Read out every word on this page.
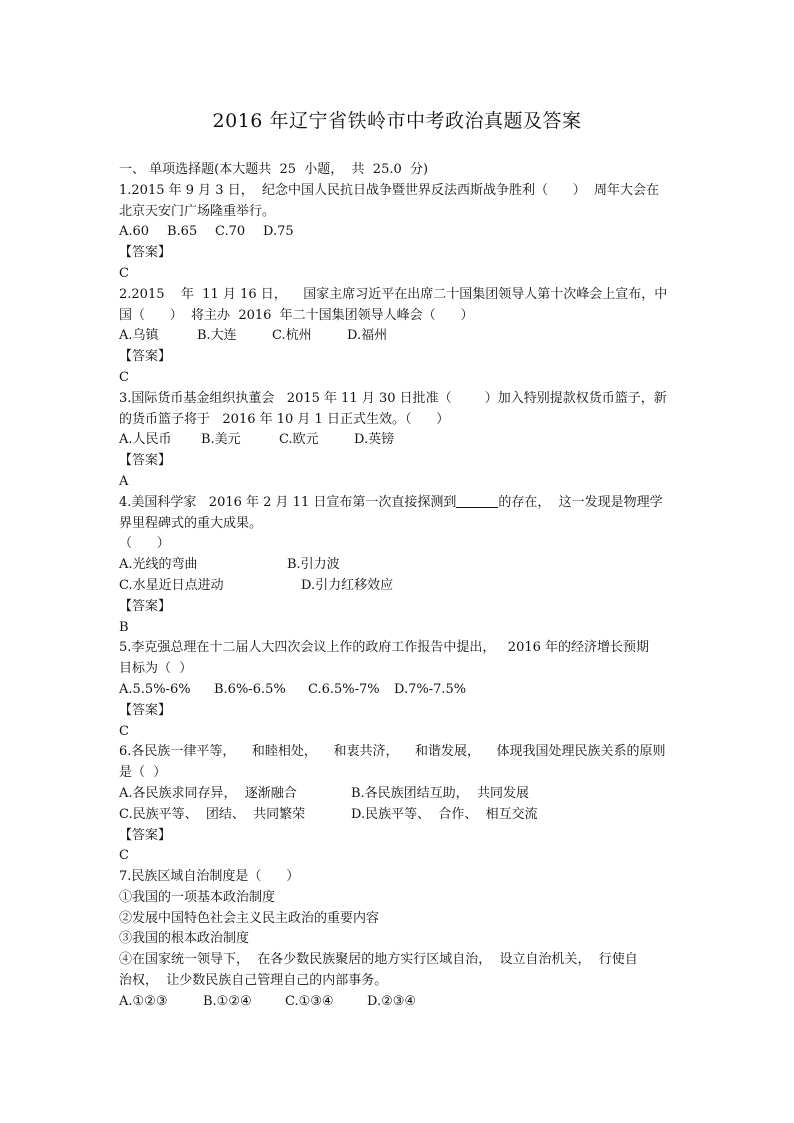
2016 年辽宁省铁岭市中考政治真题及答案
一、 单项选择题(本大题共  25  小题，  共  25.0  分)
1.2015 年 9 月 3 日，  纪念中国人民抗日战争暨世界反法西斯战争胜利（      ）  周年大会在
北京天安门广场隆重举行。
A.60	B.65	C.70	D.75
【答案】
C
2.2015    年  11 月 16 日，    国家主席习近平在出席二十国集团领导人第十次峰会上宣布，中
国（      ）  将主办  2016  年二十国集团领导人峰会（      ）
A.乌镇	B.大连	C.杭州	D.福州
【答案】
C
3.国际货币基金组织执董会   2015 年 11 月 30 日批准（        ）加入特别提款权货币篮子，新
的货币篮子将于   2016 年 10 月 1 日正式生效。（      ）
A.人民币	B.美元	C.欧元	D.英镑
【答案】
A
4.美国科学家   2016 年 2 月 11 日宣布第一次直接探测到	的存在，  这一发现是物理学
界里程碑式的重大成果。
（      ）
A.光线的弯曲	B.引力波
C.水星近日点进动	D.引力红移效应
【答案】
B
5.李克强总理在十二届人大四次会议上作的政府工作报告中提出，   2016 年的经济增长预期
目标为（  ）
A.5.5%-6%	B.6%-6.5%	C.6.5%-7%	D.7%-7.5%
【答案】
C
6.各民族一律平等，    和睦相处，    和衷共济，    和谐发展，    体现我国处理民族关系的原则
是（  ）
A.各民族求同存异，  逐渐融合	B.各民族团结互助，  共同发展
C.民族平等、  团结、  共同繁荣	D.民族平等、  合作、  相互交流
【答案】
C
7.民族区域自治制度是（      ）
①我国的一项基本政治制度
②发展中国特色社会主义民主政治的重要内容
③我国的根本政治制度
④在国家统一领导下，  在各少数民族聚居的地方实行区域自治，  设立自治机关，  行使自
治权，  让少数民族自己管理自己的内部事务。
A.①②③	B.①②④	C.①③④	D.②③④
